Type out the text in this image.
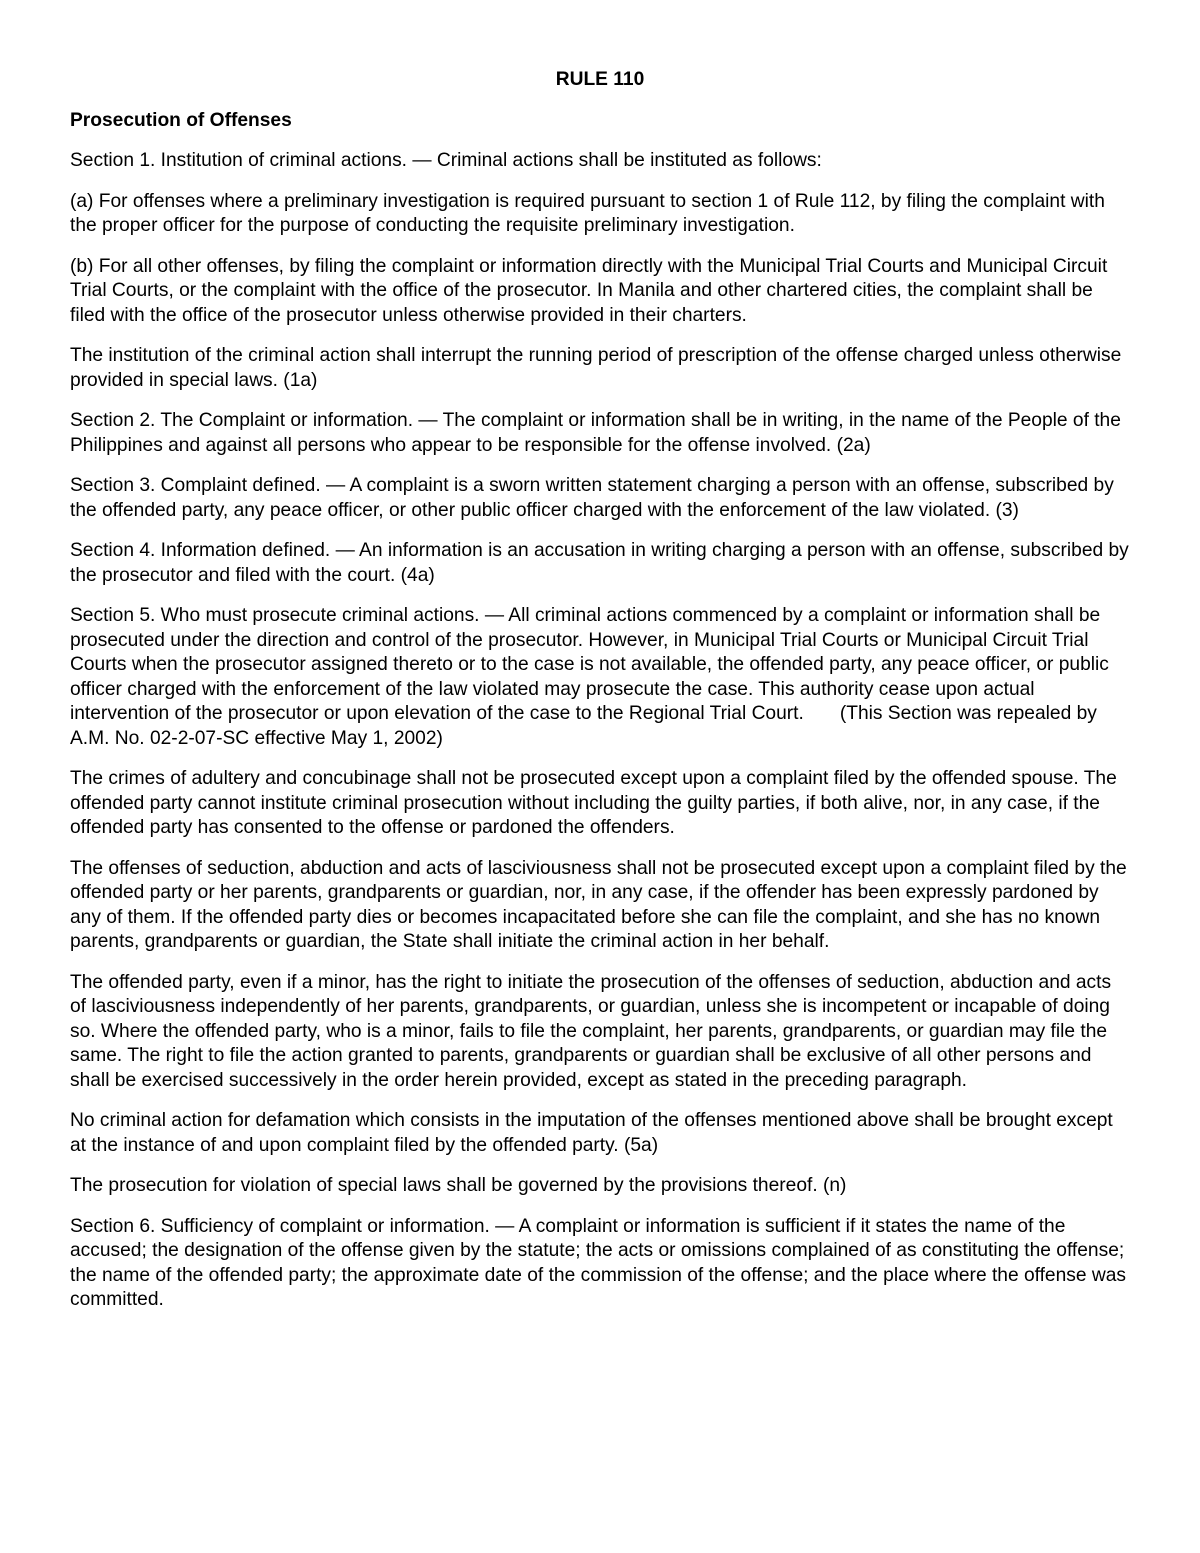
RULE 110
Prosecution of Offenses
Section 1. Institution of criminal actions. — Criminal actions shall be instituted as follows:
(a) For offenses where a preliminary investigation is required pursuant to section 1 of Rule 112, by filing the complaint with the proper officer for the purpose of conducting the requisite preliminary investigation.
(b) For all other offenses, by filing the complaint or information directly with the Municipal Trial Courts and Municipal Circuit Trial Courts, or the complaint with the office of the prosecutor. In Manila and other chartered cities, the complaint shall be filed with the office of the prosecutor unless otherwise provided in their charters.
The institution of the criminal action shall interrupt the running period of prescription of the offense charged unless otherwise provided in special laws. (1a)
Section 2. The Complaint or information. — The complaint or information shall be in writing, in the name of the People of the Philippines and against all persons who appear to be responsible for the offense involved. (2a)
Section 3. Complaint defined. — A complaint is a sworn written statement charging a person with an offense, subscribed by the offended party, any peace officer, or other public officer charged with the enforcement of the law violated. (3)
Section 4. Information defined. — An information is an accusation in writing charging a person with an offense, subscribed by the prosecutor and filed with the court. (4a)
Section 5. Who must prosecute criminal actions. — All criminal actions commenced by a complaint or information shall be prosecuted under the direction and control of the prosecutor. However, in Municipal Trial Courts or Municipal Circuit Trial Courts when the prosecutor assigned thereto or to the case is not available, the offended party, any peace officer, or public officer charged with the enforcement of the law violated may prosecute the case. This authority cease upon actual intervention of the prosecutor or upon elevation of the case to the Regional Trial Court. (This Section was repealed by A.M. No. 02-2-07-SC effective May 1, 2002)
The crimes of adultery and concubinage shall not be prosecuted except upon a complaint filed by the offended spouse. The offended party cannot institute criminal prosecution without including the guilty parties, if both alive, nor, in any case, if the offended party has consented to the offense or pardoned the offenders.
The offenses of seduction, abduction and acts of lasciviousness shall not be prosecuted except upon a complaint filed by the offended party or her parents, grandparents or guardian, nor, in any case, if the offender has been expressly pardoned by any of them. If the offended party dies or becomes incapacitated before she can file the complaint, and she has no known parents, grandparents or guardian, the State shall initiate the criminal action in her behalf.
The offended party, even if a minor, has the right to initiate the prosecution of the offenses of seduction, abduction and acts of lasciviousness independently of her parents, grandparents, or guardian, unless she is incompetent or incapable of doing so. Where the offended party, who is a minor, fails to file the complaint, her parents, grandparents, or guardian may file the same. The right to file the action granted to parents, grandparents or guardian shall be exclusive of all other persons and shall be exercised successively in the order herein provided, except as stated in the preceding paragraph.
No criminal action for defamation which consists in the imputation of the offenses mentioned above shall be brought except at the instance of and upon complaint filed by the offended party. (5a)
The prosecution for violation of special laws shall be governed by the provisions thereof. (n)
Section 6. Sufficiency of complaint or information. — A complaint or information is sufficient if it states the name of the accused; the designation of the offense given by the statute; the acts or omissions complained of as constituting the offense; the name of the offended party; the approximate date of the commission of the offense; and the place where the offense was committed.
